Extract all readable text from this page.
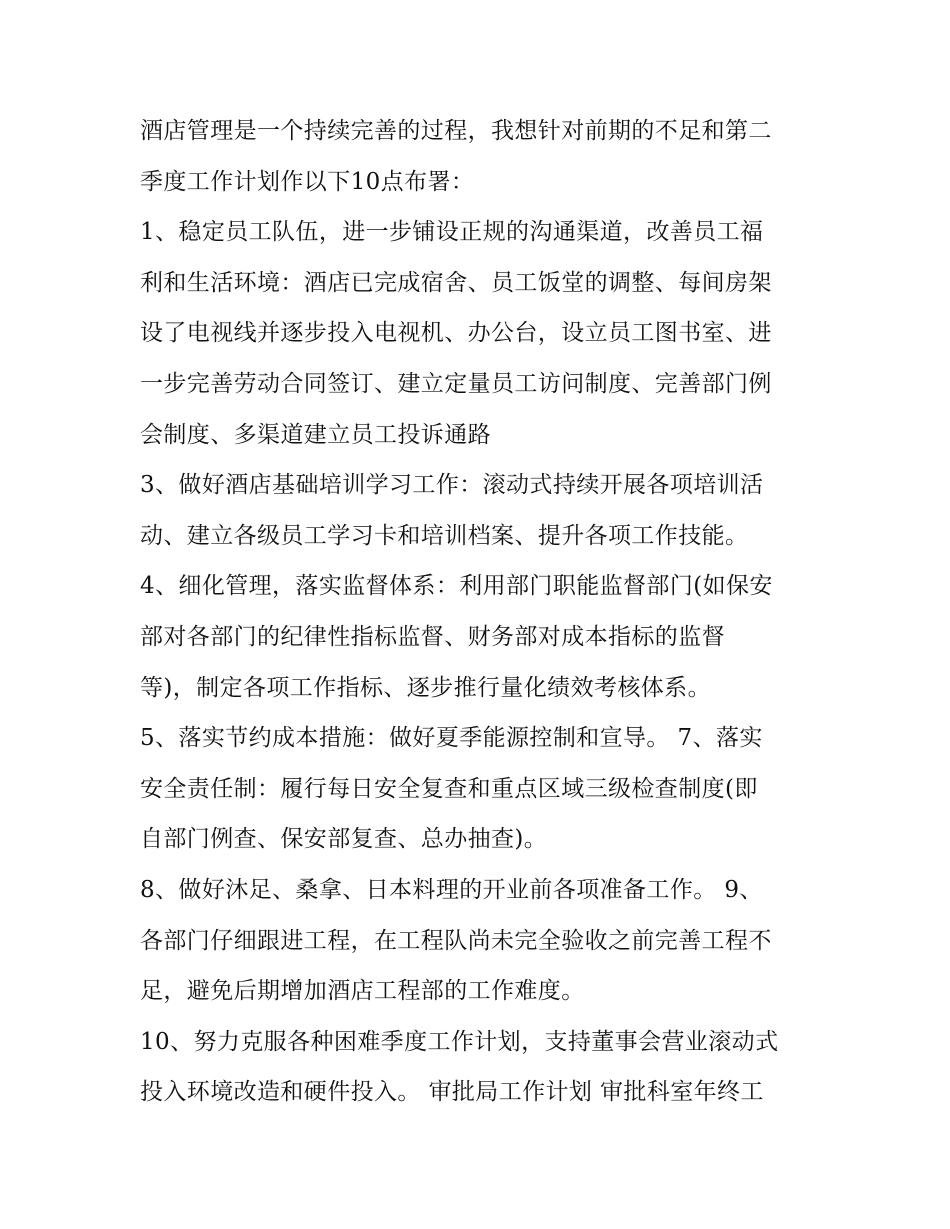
酒店管理是一个持续完善的过程，我想针对前期的不足和第二
季度工作计划作以下10点布署：
1、稳定员工队伍，进一步铺设正规的沟通渠道，改善员工福
利和生活环境：酒店已完成宿舍、员工饭堂的调整、每间房架
设了电视线并逐步投入电视机、办公台，设立员工图书室、进
一步完善劳动合同签订、建立定量员工访问制度、完善部门例
会制度、多渠道建立员工投诉通路
3、做好酒店基础培训学习工作：滚动式持续开展各项培训活
动、建立各级员工学习卡和培训档案、提升各项工作技能。
4、细化管理，落实监督体系：利用部门职能监督部门(如保安
部对各部门的纪律性指标监督、财务部对成本指标的监督
等)，制定各项工作指标、逐步推行量化绩效考核体系。
5、落实节约成本措施：做好夏季能源控制和宣导。 7、落实
安全责任制：履行每日安全复查和重点区域三级检查制度(即
自部门例查、保安部复查、总办抽查)。
8、做好沐足、桑拿、日本料理的开业前各项准备工作。 9、
各部门仔细跟进工程，在工程队尚未完全验收之前完善工程不
足，避免后期增加酒店工程部的工作难度。
10、努力克服各种困难季度工作计划，支持董事会营业滚动式
投入环境改造和硬件投入。 审批局工作计划 审批科室年终工
